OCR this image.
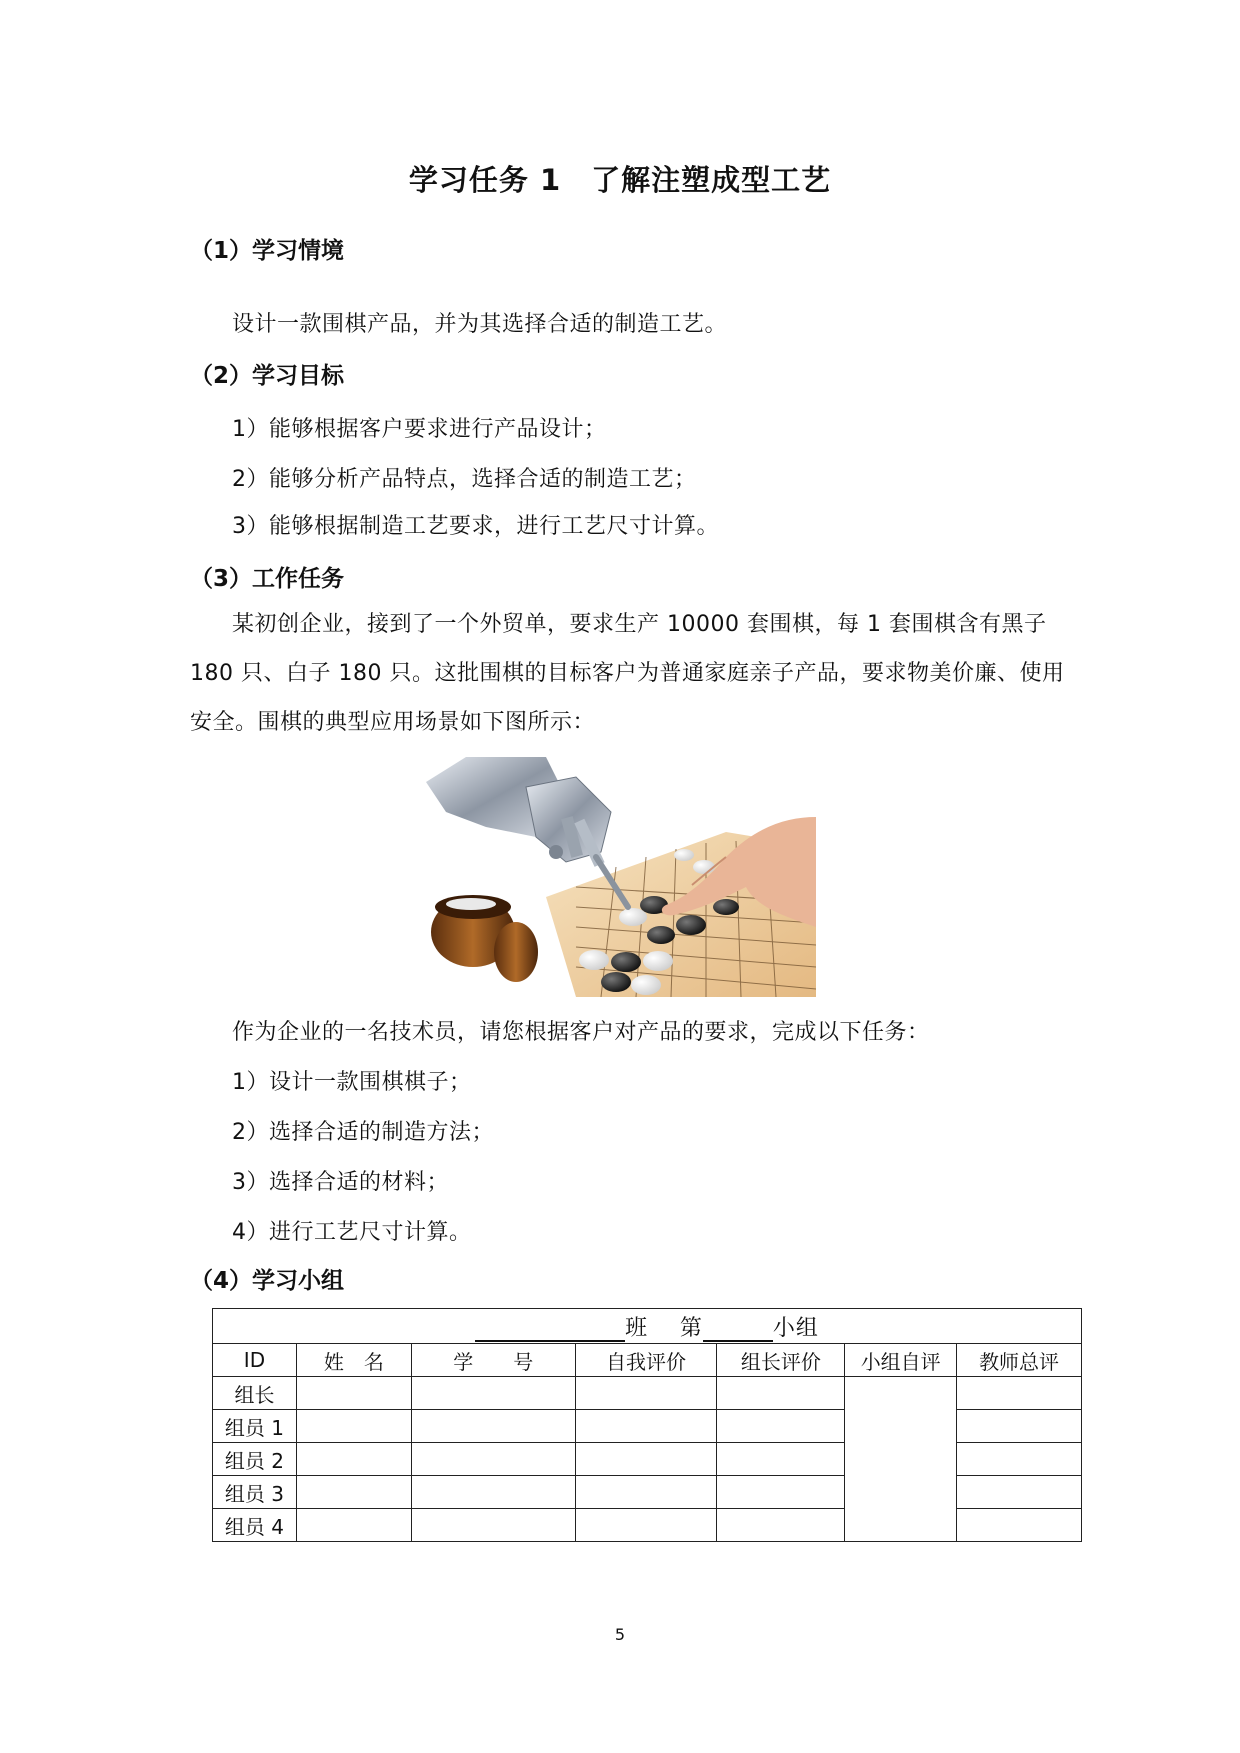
学习任务 1　了解注塑成型工艺
（1）学习情境
设计一款围棋产品，并为其选择合适的制造工艺。
（2）学习目标
1）能够根据客户要求进行产品设计；
2）能够分析产品特点，选择合适的制造工艺；
3）能够根据制造工艺要求，进行工艺尺寸计算。
（3）工作任务
某初创企业，接到了一个外贸单，要求生产 10000 套围棋，每 1 套围棋含有黑子 180 只、白子 180 只。这批围棋的目标客户为普通家庭亲子产品，要求物美价廉、使用安全。围棋的典型应用场景如下图所示：
作为企业的一名技术员，请您根据客户对产品的要求，完成以下任务：
1）设计一款围棋棋子；
2）选择合适的制造方法；
3）选择合适的材料；
4）进行工艺尺寸计算。
（4）学习小组
班 第 小组						
ID	姓　名	学　　号	自我评价	组长评价	小组自评	教师总评
组长						
组员 1						
组员 2						
组员 3						
组员 4						
5
